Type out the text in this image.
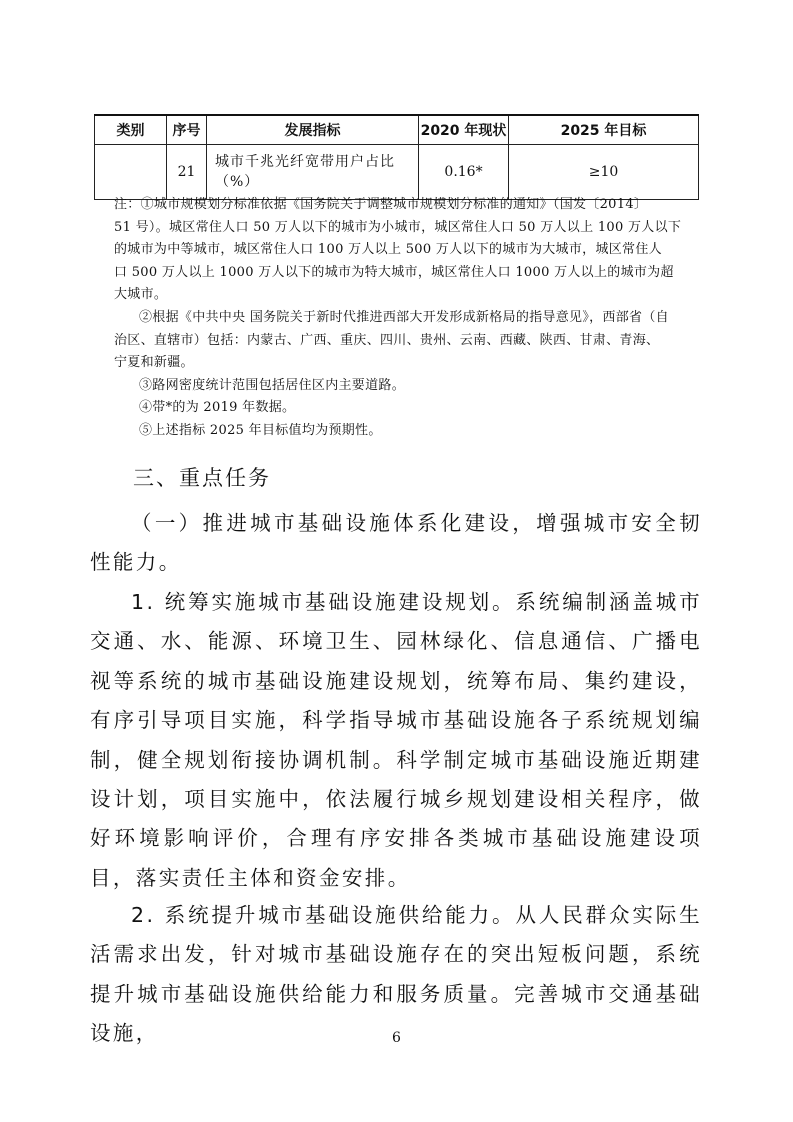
类别	序号	发展指标	2020 年现状	2025 年目标
	21	城市千兆光纤宽带用户占比（%）	0.16*	≥10

注：①城市规模划分标准依据《国务院关于调整城市规模划分标准的通知》（国发〔2014〕

51 号）。城区常住人口 50 万人以下的城市为小城市，城区常住人口 50 万人以上 100 万人以下

的城市为中等城市，城区常住人口 100 万人以上 500 万人以下的城市为大城市，城区常住人

口 500 万人以上 1000 万人以下的城市为特大城市，城区常住人口 1000 万人以上的城市为超

大城市。

②根据《中共中央 国务院关于新时代推进西部大开发形成新格局的指导意见》，西部省（自

治区、直辖市）包括：内蒙古、广西、重庆、四川、贵州、云南、西藏、陕西、甘肃、青海、

宁夏和新疆。

③路网密度统计范围包括居住区内主要道路。

④带*的为 2019 年数据。

⑤上述指标 2025 年目标值均为预期性。

三、重点任务

（一）推进城市基础设施体系化建设，增强城市安全韧性能力。

1. 统筹实施城市基础设施建设规划。系统编制涵盖城市交通、水、能源、环境卫生、园林绿化、信息通信、广播电视等系统的城市基础设施建设规划，统筹布局、集约建设，有序引导项目实施，科学指导城市基础设施各子系统规划编制，健全规划衔接协调机制。科学制定城市基础设施近期建设计划，项目实施中，依法履行城乡规划建设相关程序，做好环境影响评价，合理有序安排各类城市基础设施建设项目，落实责任主体和资金安排。

2. 系统提升城市基础设施供给能力。从人民群众实际生活需求出发，针对城市基础设施存在的突出短板问题，系统提升城市基础设施供给能力和服务质量。完善城市交通基础设施，	6
